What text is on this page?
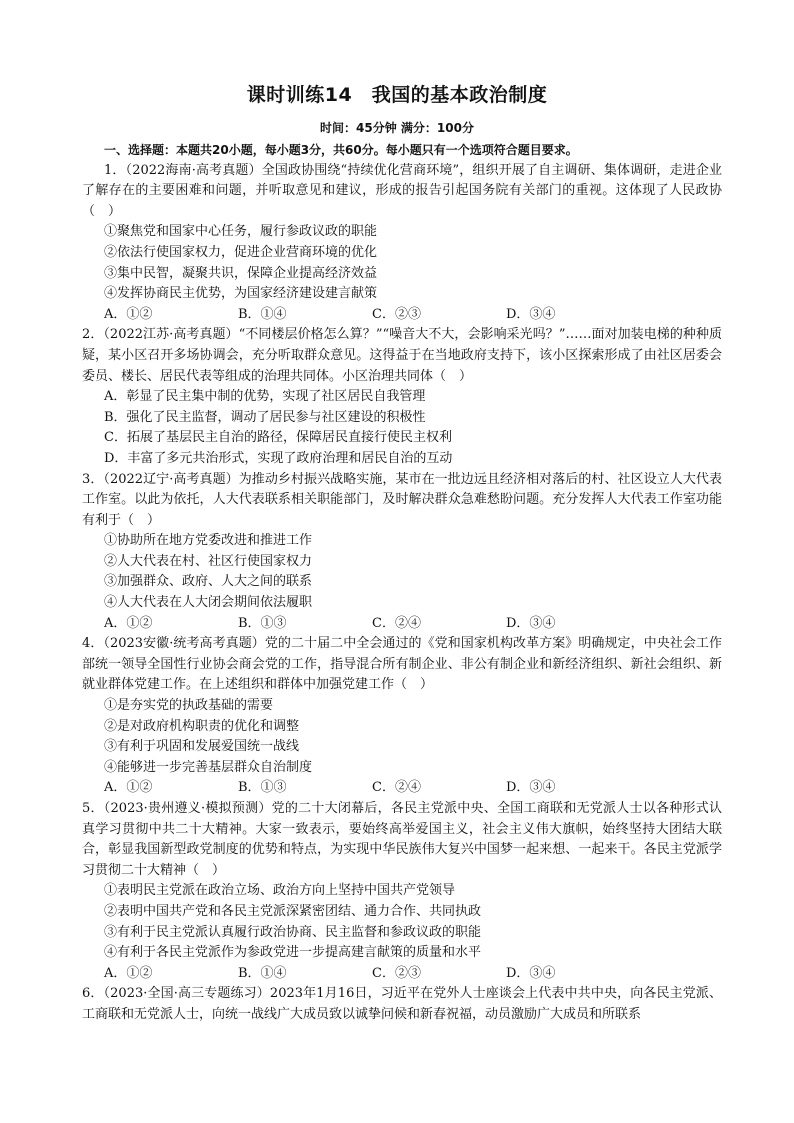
课时训练14　我国的基本政治制度
时间：45分钟 满分：100分
一、选择题：本题共20小题，每小题3分，共60分。每小题只有一个选项符合题目要求。
1．（2022海南·高考真题）全国政协围绕“持续优化营商环境”，组织开展了自主调研、集体调研，走进企业了解存在的主要困难和问题，并听取意见和建议，形成的报告引起国务院有关部门的重视。这体现了人民政协（　）
①聚焦党和国家中心任务，履行参政议政的职能
②依法行使国家权力，促进企业营商环境的优化
③集中民智，凝聚共识，保障企业提高经济效益
④发挥协商民主优势，为国家经济建设建言献策
A．①②	B．①④	C．②③	D．③④
2．（2022江苏·高考真题）“不同楼层价格怎么算？”“噪音大不大，会影响采光吗？”……面对加装电梯的种种质疑，某小区召开多场协调会，充分听取群众意见。这得益于在当地政府支持下，该小区探索形成了由社区居委会委员、楼长、居民代表等组成的治理共同体。小区治理共同体（　）
A．彰显了民主集中制的优势，实现了社区居民自我管理
B．强化了民主监督，调动了居民参与社区建设的积极性
C．拓展了基层民主自治的路径，保障居民直接行使民主权利
D．丰富了多元共治形式，实现了政府治理和居民自治的互动
3．（2022辽宁·高考真题）为推动乡村振兴战略实施，某市在一批边远且经济相对落后的村、社区设立人大代表工作室。以此为依托，人大代表联系相关职能部门，及时解决群众急难愁盼问题。充分发挥人大代表工作室功能有利于（　）
①协助所在地方党委改进和推进工作
②人大代表在村、社区行使国家权力
③加强群众、政府、人大之间的联系
④人大代表在人大闭会期间依法履职
A．①②	B．①③	C．②④	D．③④
4．（2023安徽·统考高考真题）党的二十届二中全会通过的《党和国家机构改革方案》明确规定，中央社会工作部统一领导全国性行业协会商会党的工作，指导混合所有制企业、非公有制企业和新经济组织、新社会组织、新就业群体党建工作。在上述组织和群体中加强党建工作（　）
①是夯实党的执政基础的需要
②是对政府机构职责的优化和调整
③有利于巩固和发展爱国统一战线
④能够进一步完善基层群众自治制度
A．①②	B．①③	C．②④	D．③④
5．（2023·贵州遵义·模拟预测）党的二十大闭幕后，各民主党派中央、全国工商联和无党派人士以各种形式认真学习贯彻中共二十大精神。大家一致表示，要始终高举爱国主义，社会主义伟大旗帜，始终坚持大团结大联合，彰显我国新型政党制度的优势和特点，为实现中华民族伟大复兴中国梦一起来想、一起来干。各民主党派学习贯彻二十大精神（　）
①表明民主党派在政治立场、政治方向上坚持中国共产党领导
②表明中国共产党和各民主党派深紧密团结、通力合作、共同执政
③有利于民主党派认真履行政治协商、民主监督和参政议政的职能
④有利于各民主党派作为参政党进一步提高建言献策的质量和水平
A．①②	B．①④	C．②③	D．③④
6．（2023·全国·高三专题练习）2023年1月16日，习近平在党外人士座谈会上代表中共中央，向各民主党派、工商联和无党派人士，向统一战线广大成员致以诚挚问候和新春祝福，动员激励广大成员和所联系
